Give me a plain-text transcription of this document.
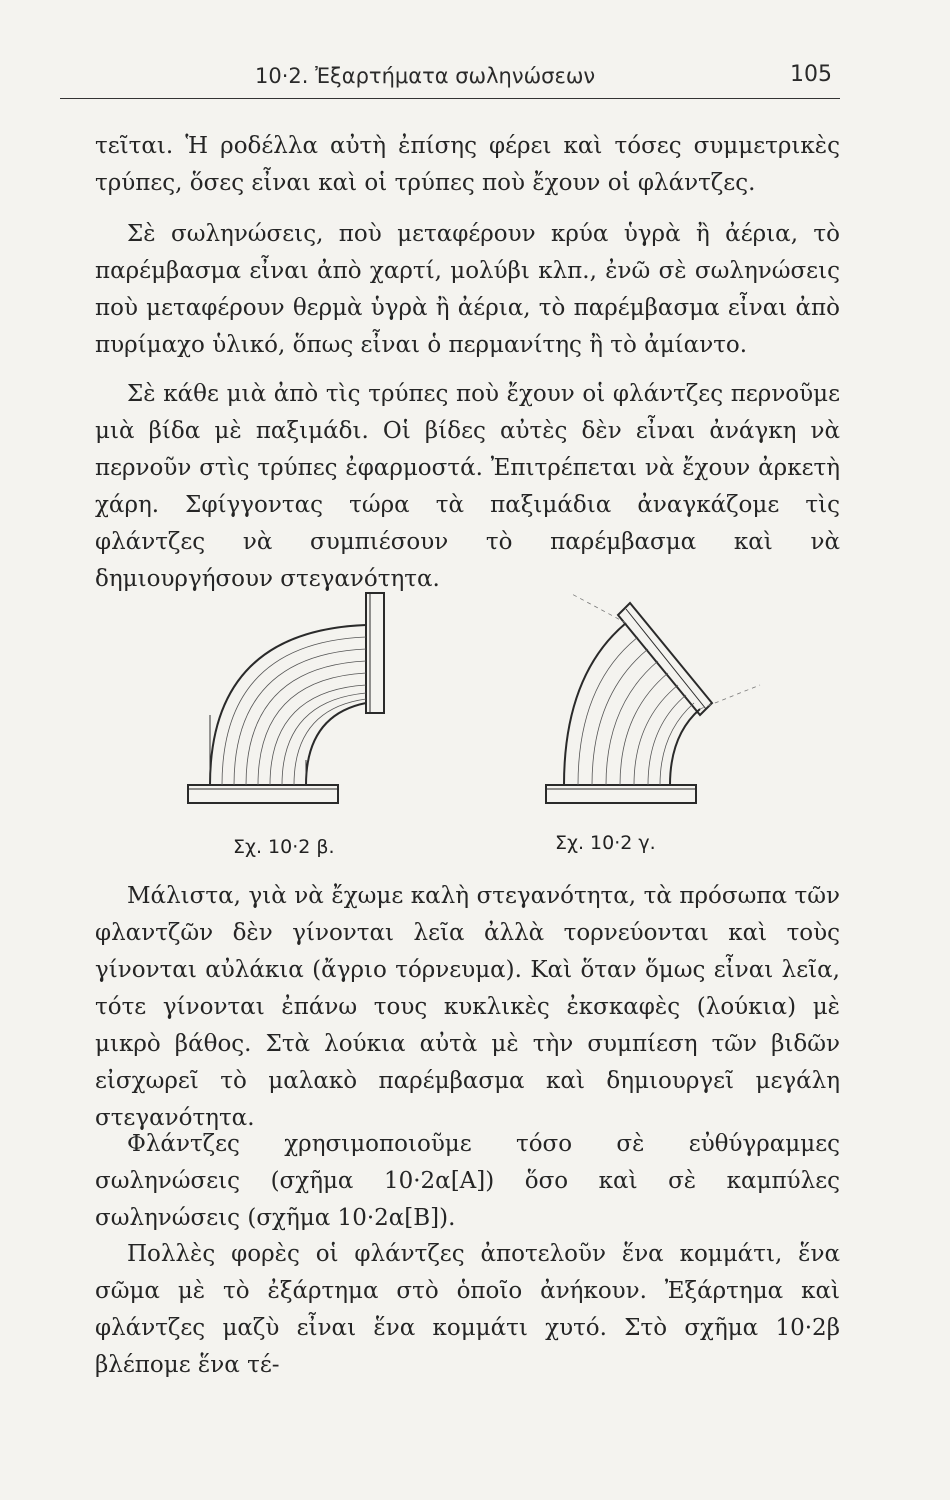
10·2. Ἐξαρτήματα σωληνώσεων	105

τεῖται. Ἡ ροδέλλα αὐτὴ ἐπίσης φέρει καὶ τόσες συμμετρικὲς τρύπες, ὅσες εἶναι καὶ οἱ τρύπες ποὺ ἔχουν οἱ φλάντζες.

Σὲ σωληνώσεις, ποὺ μεταφέρουν κρύα ὑγρὰ ἢ ἀέρια, τὸ παρέμβασμα εἶναι ἀπὸ χαρτί, μολύβι κλπ., ἐνῶ σὲ σωληνώσεις ποὺ μεταφέρουν θερμὰ ὑγρὰ ἢ ἀέρια, τὸ παρέμβασμα εἶναι ἀπὸ πυρίμαχο ὑλικό, ὅπως εἶναι ὁ περμανίτης ἢ τὸ ἀμίαντο.

Σὲ κάθε μιὰ ἀπὸ τὶς τρύπες ποὺ ἔχουν οἱ φλάντζες περνοῦμε μιὰ βίδα μὲ παξιμάδι. Οἱ βίδες αὐτὲς δὲν εἶναι ἀνάγκη νὰ περνοῦν στὶς τρύπες ἐφαρμοστά. Ἐπιτρέπεται νὰ ἔχουν ἀρκετὴ χάρη. Σφίγγοντας τώρα τὰ παξιμάδια ἀναγκάζομε τὶς φλάντζες νὰ συμπιέσουν τὸ παρέμβασμα καὶ νὰ δημιουργήσουν στεγανότητα.

Σχ. 10·2 β.	Σχ. 10·2 γ.

Μάλιστα, γιὰ νὰ ἔχωμε καλὴ στεγανότητα, τὰ πρόσωπα τῶν φλαντζῶν δὲν γίνονται λεῖα ἀλλὰ τορνεύονται καὶ τοὺς γίνονται αὐλάκια (ἄγριο τόρνευμα). Καὶ ὅταν ὅμως εἶναι λεῖα, τότε γίνονται ἐπάνω τους κυκλικὲς ἐκσκαφὲς (λούκια) μὲ μικρὸ βάθος. Στὰ λούκια αὐτὰ μὲ τὴν συμπίεση τῶν βιδῶν εἰσχωρεῖ τὸ μαλακὸ παρέμβασμα καὶ δημιουργεῖ μεγάλη στεγανότητα.

Φλάντζες χρησιμοποιοῦμε τόσο σὲ εὐθύγραμμες σωληνώσεις (σχῆμα 10·2α[Α]) ὅσο καὶ σὲ καμπύλες σωληνώσεις (σχῆμα 10·2α[Β]).

Πολλὲς φορὲς οἱ φλάντζες ἀποτελοῦν ἕνα κομμάτι, ἕνα σῶμα μὲ τὸ ἐξάρτημα στὸ ὁποῖο ἀνήκουν. Ἐξάρτημα καὶ φλάντζες μαζὺ εἶναι ἕνα κομμάτι χυτό. Στὸ σχῆμα 10·2β βλέπομε ἕνα τέ-
